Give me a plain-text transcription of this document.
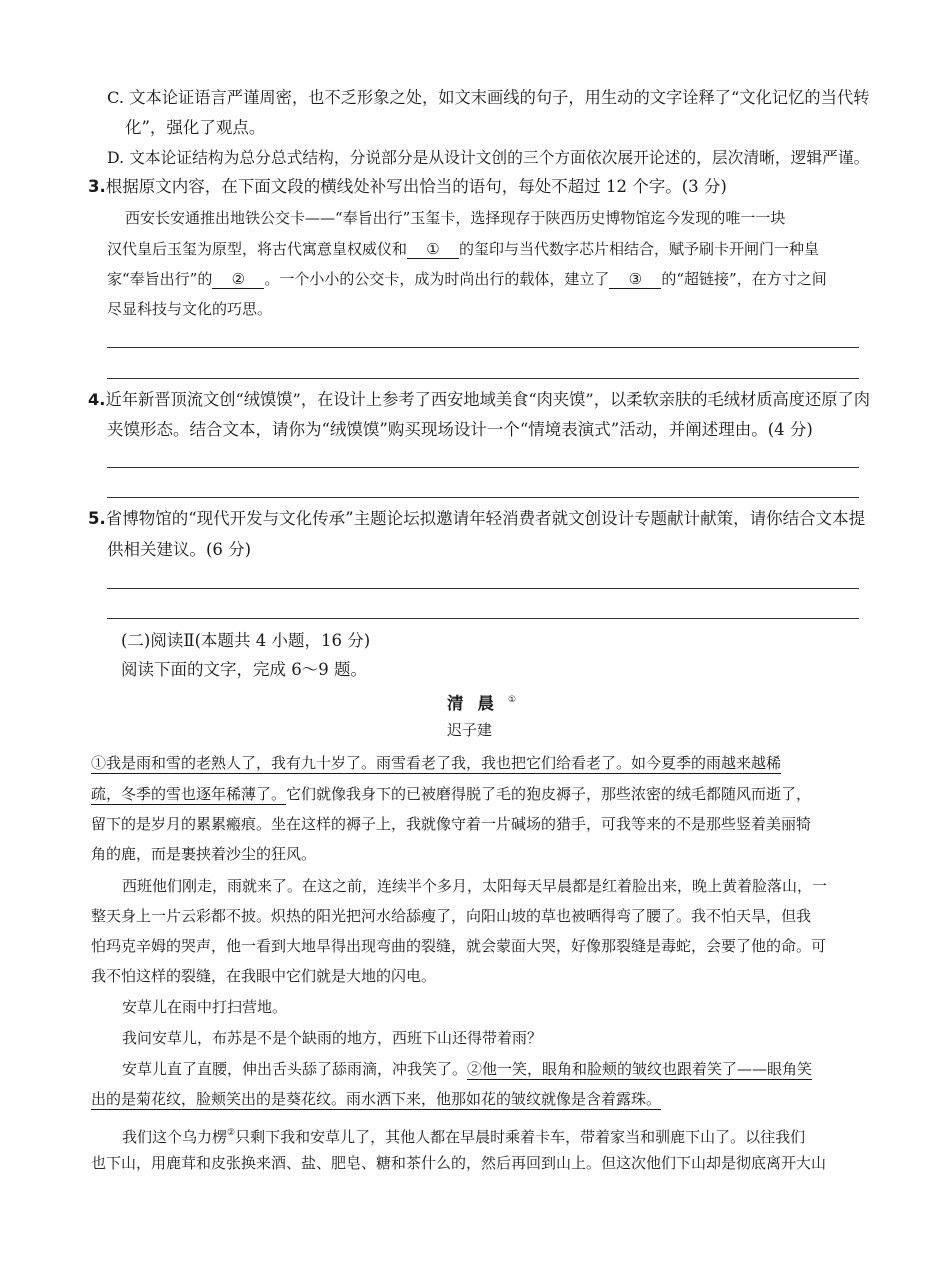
C. 文本论证语言严谨周密，也不乏形象之处，如文末画线的句子，用生动的文字诠释了“文化记忆的当代转
化”，强化了观点。
D. 文本论证结构为总分总式结构，分说部分是从设计文创的三个方面依次展开论述的，层次清晰，逻辑严谨。
3.根据原文内容，在下面文段的横线处补写出恰当的语句，每处不超过 12 个字。(3 分)
西安长安通推出地铁公交卡——“奉旨出行”玉玺卡，选择现存于陕西历史博物馆迄今发现的唯一一块
汉代皇后玉玺为原型，将古代寓意皇权威仪和 ① 的玺印与当代数字芯片相结合，赋予刷卡开闸门一种皇
家“奉旨出行”的 ② 。一个小小的公交卡，成为时尚出行的载体，建立了 ③ 的“超链接”，在方寸之间
尽显科技与文化的巧思。
4.近年新晋顶流文创“绒馍馍”，在设计上参考了西安地域美食“肉夹馍”，以柔软亲肤的毛绒材质高度还原了肉
夹馍形态。结合文本，请你为“绒馍馍”购买现场设计一个“情境表演式”活动，并阐述理由。(4 分)
5.省博物馆的“现代开发与文化传承”主题论坛拟邀请年轻消费者就文创设计专题献计献策，请你结合文本提
供相关建议。(6 分)
(二)阅读Ⅱ(本题共 4 小题，16 分)
阅读下面的文字，完成 6～9 题。
清晨①
迟子建
①我是雨和雪的老熟人了，我有九十岁了。雨雪看老了我，我也把它们给看老了。如今夏季的雨越来越稀
疏，冬季的雪也逐年稀薄了。它们就像我身下的已被磨得脱了毛的狍皮褥子，那些浓密的绒毛都随风而逝了，
留下的是岁月的累累瘢痕。坐在这样的褥子上，我就像守着一片碱场的猎手，可我等来的不是那些竖着美丽犄
角的鹿，而是裹挟着沙尘的狂风。
西班他们刚走，雨就来了。在这之前，连续半个多月，太阳每天早晨都是红着脸出来，晚上黄着脸落山，一
整天身上一片云彩都不披。炽热的阳光把河水给舔瘦了，向阳山坡的草也被晒得弯了腰了。我不怕天旱，但我
怕玛克辛姆的哭声，他一看到大地旱得出现弯曲的裂缝，就会蒙面大哭，好像那裂缝是毒蛇，会要了他的命。可
我不怕这样的裂缝，在我眼中它们就是大地的闪电。
安草儿在雨中打扫营地。
我问安草儿，布苏是不是个缺雨的地方，西班下山还得带着雨？
安草儿直了直腰，伸出舌头舔了舔雨滴，冲我笑了。②他一笑，眼角和脸颊的皱纹也跟着笑了——眼角笑
出的是菊花纹，脸颊笑出的是葵花纹。雨水洒下来，他那如花的皱纹就像是含着露珠。
我们这个乌力楞②只剩下我和安草儿了，其他人都在早晨时乘着卡车，带着家当和驯鹿下山了。以往我们
也下山，用鹿茸和皮张换来酒、盐、肥皂、糖和茶什么的，然后再回到山上。但这次他们下山却是彻底离开大山
